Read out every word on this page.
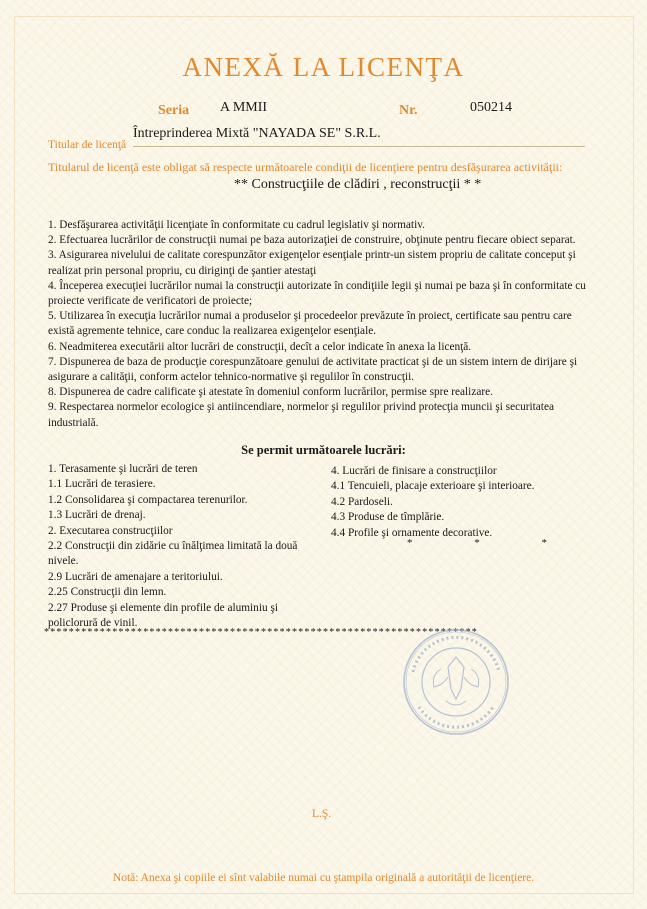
ANEXĂ LA LICENŢA
Seria A MMII	Nr.	050214
Titular de licenţă
Întreprinderea Mixtă "NAYADA SE" S.R.L.
Titularul de licenţă este obligat să respecte următoarele condiţii de licenţiere pentru desfăşurarea activităţii:
** Construcţiile de clădiri , reconstrucţii * *
1. Desfăşurarea activităţii licenţiate în conformitate cu cadrul legislativ şi normativ.
2. Efectuarea lucrărilor de construcţii numai pe baza autorizaţiei de construire, obţinute pentru fiecare obiect separat.
3. Asigurarea nivelului de calitate corespunzător exigenţelor esenţiale printr-un sistem propriu de calitate conceput şi realizat prin personal propriu, cu diriginţi de şantier atestaţi
4. Începerea execuţiei lucrărilor numai la construcţii autorizate în condiţiile legii şi numai pe baza şi în conformitate cu proiecte verificate de verificatori de proiecte;
5. Utilizarea în execuţia lucrărilor numai a produselor şi procedeelor prevăzute în proiect, certificate sau pentru care există agremente tehnice, care conduc la realizarea exigenţelor esenţiale.
6. Neadmiterea executării altor lucrări de construcţii, decît a celor indicate în anexa la licenţă.
7. Dispunerea de baza de producţie corespunzătoare genului de activitate practicat şi de un sistem intern de dirijare şi asigurare a calităţii, conform actelor tehnico-normative şi regulilor în construcţii.
8. Dispunerea de cadre calificate şi atestate în domeniul conform lucrărilor, permise spre realizare.
9. Respectarea normelor ecologice şi antiincendiare, normelor şi regulilor privind protecţia muncii şi securitatea industrială.
Se permit următoarele lucrări:
1. Terasamente şi lucrări de teren
1.1 Lucrări de terasiere.
1.2 Consolidarea şi compactarea terenurilor.
1.3 Lucrări de drenaj.
2. Executarea construcţiilor
2.2 Construcţii din zidărie cu înălţimea limitată la două nivele.
2.9 Lucrări de amenajare a teritoriului.
2.25 Construcţii din lemn.
2.27 Produse şi elemente din profile de aluminiu şi policlorură de vinil.
4. Lucrări de finisare a construcţiilor
4.1 Tencuieli, placaje exterioare şi interioare.
4.2 Pardoseli.
4.3 Produse de tîmplărie.
4.4 Profile şi ornamente decorative.
*	*	*
**********************************************************************
L.Ş.
Notă: Anexa şi copiile ei sînt valabile numai cu ştampila originală a autorităţii de licenţiere.
